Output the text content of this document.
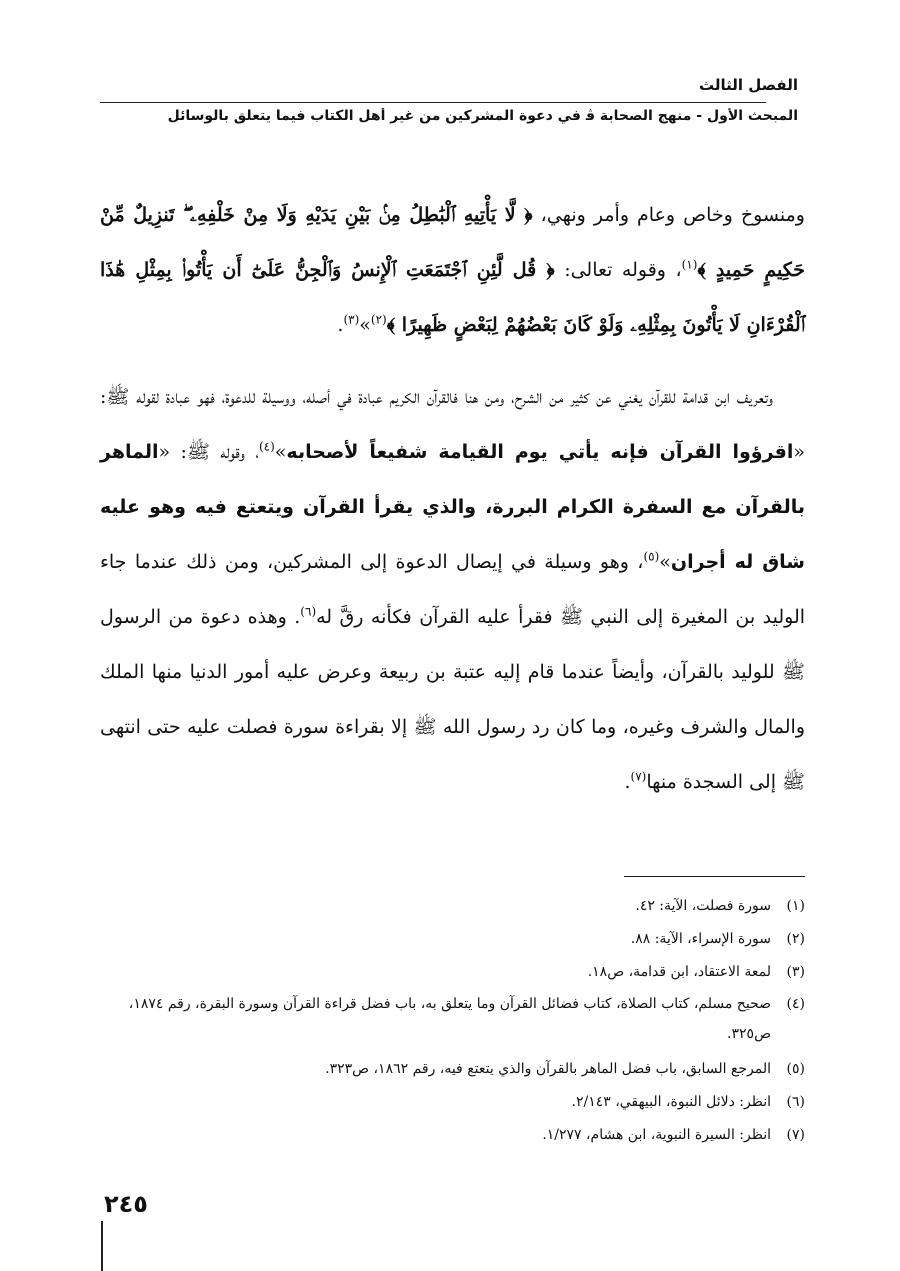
الفصل الثالث
المبحث الأول - منهج الصحابة ﭬ في دعوة المشركين من غير أهل الكتاب فيما يتعلق بالوسائل

ومنسوخ وخاص وعام وأمر ونهي، ﴿ لَّا يَأْتِيهِ ٱلْبَٰطِلُ مِنۢ بَيْنِ يَدَيْهِ وَلَا مِنْ خَلْفِهِۦ ۖ تَنزِيلٌ مِّنْ حَكِيمٍ حَمِيدٍ ﴾$^{(١)}$، وقوله تعالى: ﴿ قُل لَّئِنِ ٱجْتَمَعَتِ ٱلْإِنسُ وَٱلْجِنُّ عَلَىٰٓ أَن يَأْتُوا۟ بِمِثْلِ هَٰذَا ٱلْقُرْءَانِ لَا يَأْتُونَ بِمِثْلِهِۦ وَلَوْ كَانَ بَعْضُهُمْ لِبَعْضٍ ظَهِيرًا ﴾$^{(٢)}$»$^{(٣)}$.

وتعريف ابن قدامة للقرآن يغني عن كثير من الشرح، ومن هنا فالقرآن الكريم عبادة في أصله، ووسيلة للدعوة، فهو عبادة لقوله ﷺ: «اقرؤوا القرآن فإنه يأتي يوم القيامة شفيعاً لأصحابه»$^{(٤)}$، وقوله ﷺ: «الماهر بالقرآن مع السفرة الكرام البررة، والذي يقرأ القرآن ويتعتع فيه وهو عليه شاق له أجران»$^{(٥)}$، وهو وسيلة في إيصال الدعوة إلى المشركين، ومن ذلك عندما جاء الوليد بن المغيرة إلى النبي ﷺ فقرأ عليه القرآن فكأنه رقَّ له$^{(٦)}$. وهذه دعوة من الرسول ﷺ للوليد بالقرآن، وأيضاً عندما قام إليه عتبة بن ربيعة وعرض عليه أمور الدنيا منها الملك والمال والشرف وغيره، وما كان رد رسول الله ﷺ إلا بقراءة سورة فصلت عليه حتى انتهى ﷺ إلى السجدة منها$^{(٧)}$.

(١)
سورة فصلت، الآية: ٤٢.
(٢)
سورة الإسراء، الآية: ٨٨.
(٣)
لمعة الاعتقاد، ابن قدامة، ص١٨.
(٤)
صحيح مسلم، كتاب الصلاة، كتاب فضائل القرآن وما يتعلق به، باب فضل قراءة القرآن وسورة البقرة، رقم ١٨٧٤، ص٣٢٥.
(٥)
المرجع السابق، باب فضل الماهر بالقرآن والذي يتعتع فيه، رقم ١٨٦٢، ص٣٢٣.
(٦)
انظر: دلائل النبوة، البيهقي، ٢/١٤٣.
(٧)
انظر: السيرة النبوية، ابن هشام، ١/٢٧٧.
٢٤٥
